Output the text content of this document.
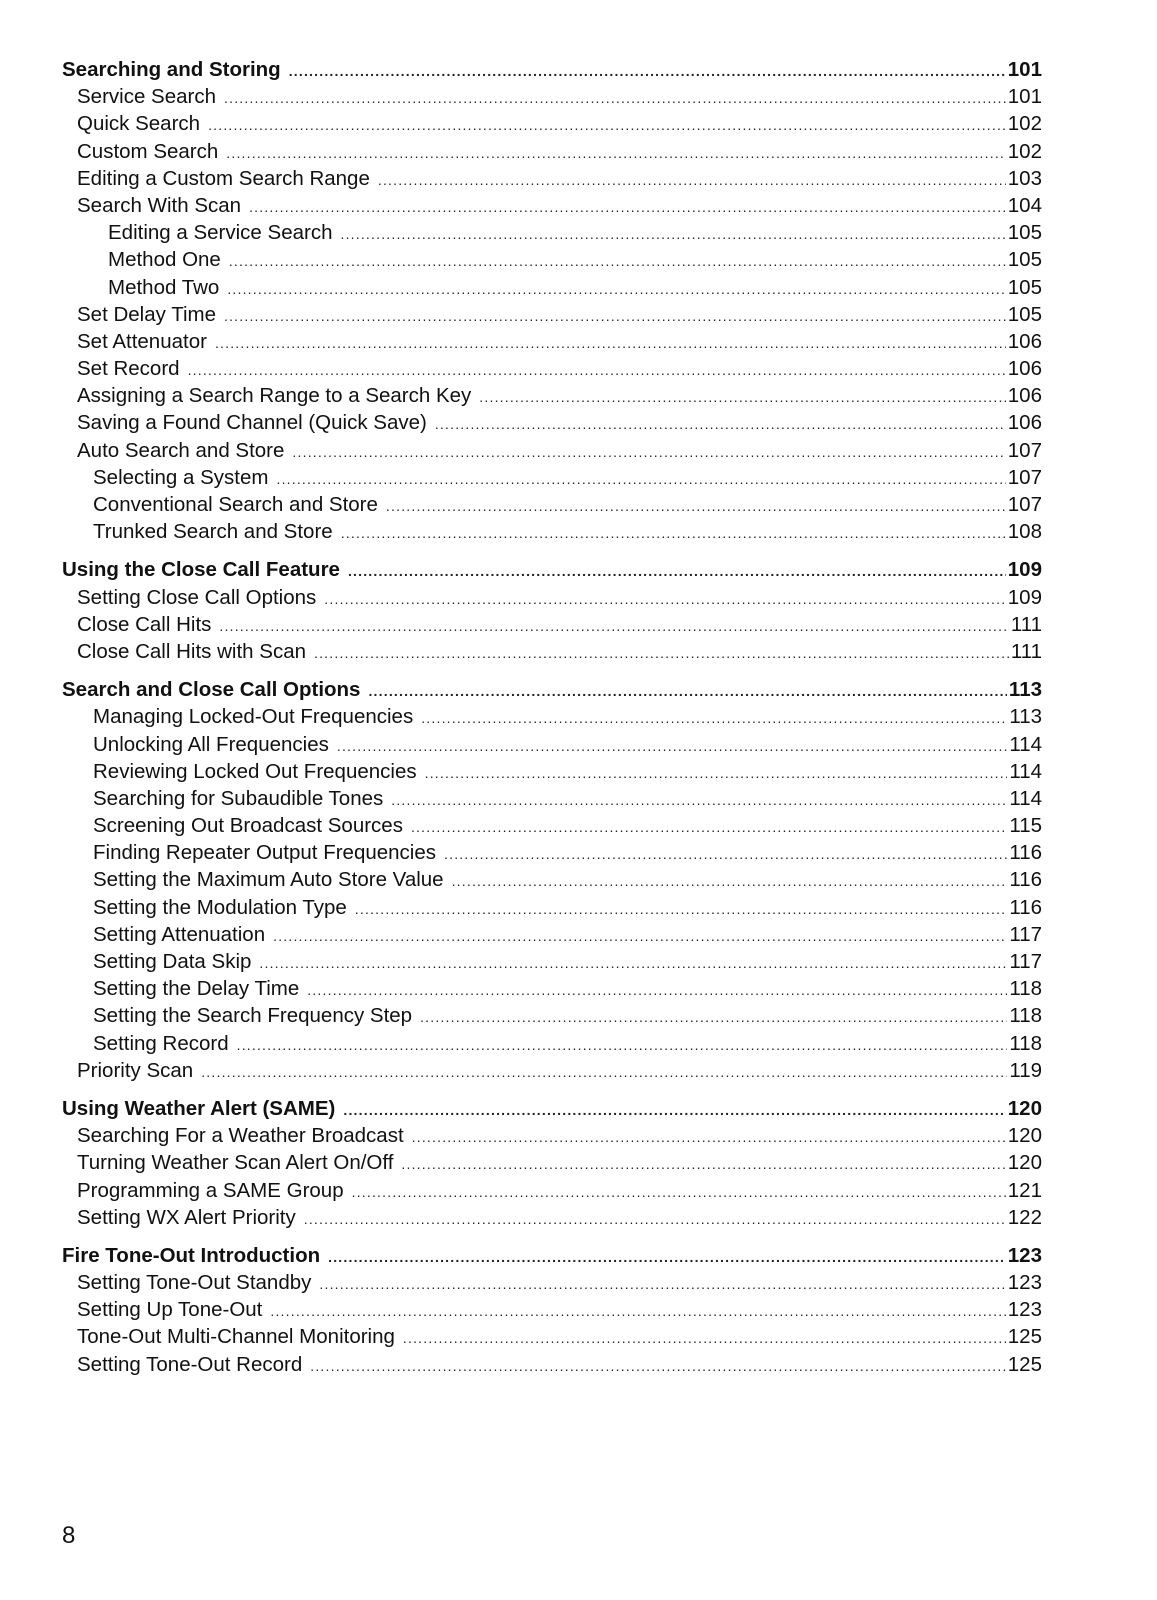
Searching and Storing .....	101
Service Search .....	101
Quick Search .....	102
Custom Search .....	102
Editing a Custom Search Range .....	103
Search With Scan .....	104
Editing a Service Search .....	105
Method One .....	105
Method Two .....	105
Set Delay Time .....	105
Set Attenuator .....	106
Set Record .....	106
Assigning a Search Range to a Search Key .....	106
Saving a Found Channel (Quick Save) .....	106
Auto Search and Store .....	107
Selecting a System .....	107
Conventional Search and Store .....	107
Trunked Search and Store .....	108
Using the Close Call Feature .....	109
Setting Close Call Options .....	109
Close Call Hits .....	111
Close Call Hits with Scan .....	111
Search and Close Call Options .....	113
Managing Locked-Out Frequencies .....	113
Unlocking All Frequencies .....	114
Reviewing Locked Out Frequencies .....	114
Searching for Subaudible Tones .....	114
Screening Out Broadcast Sources .....	115
Finding Repeater Output Frequencies .....	116
Setting the Maximum Auto Store Value .....	116
Setting the Modulation Type .....	116
Setting Attenuation .....	117
Setting Data Skip .....	117
Setting the Delay Time .....	118
Setting the Search Frequency Step .....	118
Setting Record .....	118
Priority Scan .....	119
Using Weather Alert (SAME) .....	120
Searching For a Weather Broadcast .....	120
Turning Weather Scan Alert On/Off .....	120
Programming a SAME Group .....	121
Setting WX Alert Priority .....	122
Fire Tone-Out Introduction .....	123
Setting Tone-Out Standby .....	123
Setting Up Tone-Out .....	123
Tone-Out Multi-Channel Monitoring .....	125
Setting Tone-Out Record .....	125
8
